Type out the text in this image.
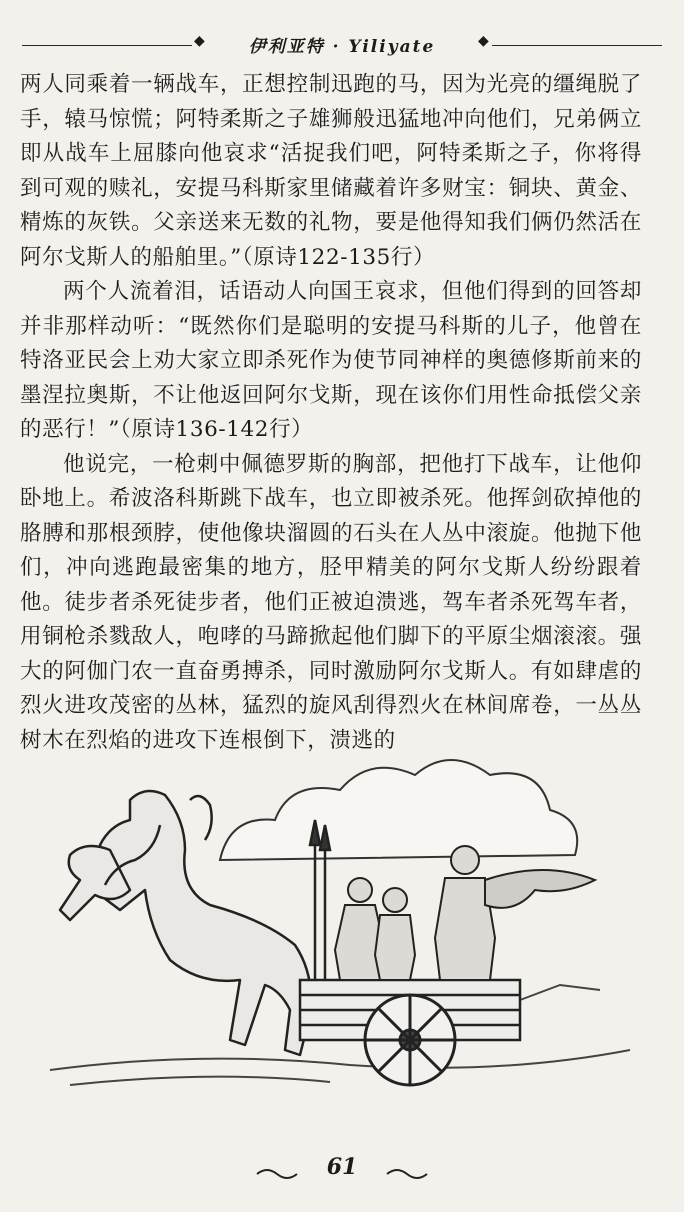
◆	伊利亚特 · Yiliyate	◆

两人同乘着一辆战车，正想控制迅跑的马，因为光亮的缰绳脱了手，辕马惊慌；阿特柔斯之子雄狮般迅猛地冲向他们，兄弟俩立即从战车上屈膝向他哀求“活捉我们吧，阿特柔斯之子，你将得到可观的赎礼，安提马科斯家里储藏着许多财宝：铜块、黄金、精炼的灰铁。父亲送来无数的礼物，要是他得知我们俩仍然活在阿尔戈斯人的船舶里。”（原诗122-135行）

两个人流着泪，话语动人向国王哀求，但他们得到的回答却并非那样动听：“既然你们是聪明的安提马科斯的儿子，他曾在特洛亚民会上劝大家立即杀死作为使节同神样的奥德修斯前来的墨涅拉奥斯，不让他返回阿尔戈斯，现在该你们用性命抵偿父亲的恶行！”（原诗136-142行）

他说完，一枪刺中佩德罗斯的胸部，把他打下战车，让他仰卧地上。希波洛科斯跳下战车，也立即被杀死。他挥剑砍掉他的胳膊和那根颈脖，使他像块溜圆的石头在人丛中滚旋。他抛下他们，冲向逃跑最密集的地方，胫甲精美的阿尔戈斯人纷纷跟着他。徒步者杀死徒步者，他们正被迫溃逃，驾车者杀死驾车者，用铜枪杀戮敌人，咆哮的马蹄掀起他们脚下的平原尘烟滚滚。强大的阿伽门农一直奋勇搏杀，同时激励阿尔戈斯人。有如肆虐的烈火进攻茂密的丛林，猛烈的旋风刮得烈火在林间席卷，一丛丛树木在烈焰的进攻下连根倒下，溃逃的

61
